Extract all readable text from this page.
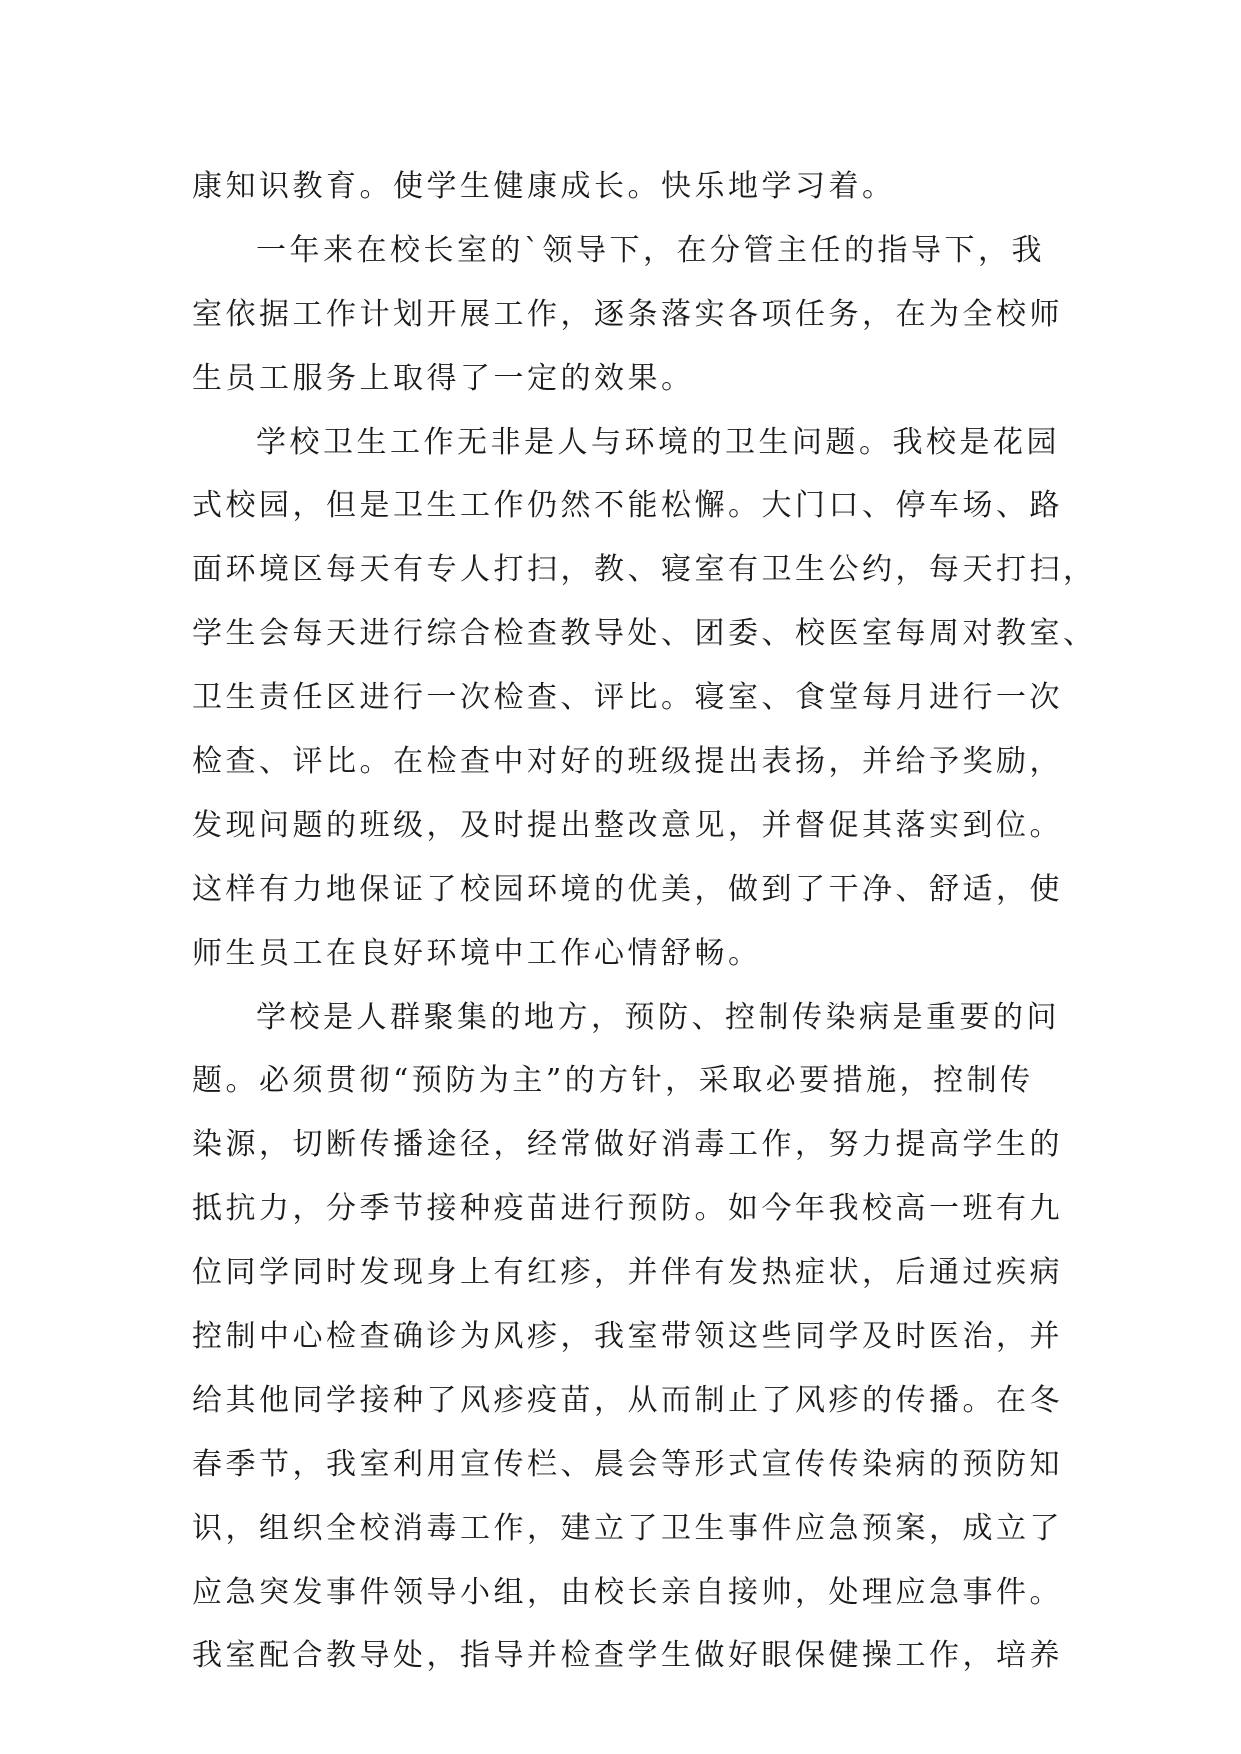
康知识教育。使学生健康成长。快乐地学习着。
一年来在校长室的`领导下，在分管主任的指导下，我
室依据工作计划开展工作，逐条落实各项任务，在为全校师
生员工服务上取得了一定的效果。
学校卫生工作无非是人与环境的卫生问题。我校是花园
式校园，但是卫生工作仍然不能松懈。大门口、停车场、路
面环境区每天有专人打扫，教、寝室有卫生公约，每天打扫，
学生会每天进行综合检查教导处、团委、校医室每周对教室、
卫生责任区进行一次检查、评比。寝室、食堂每月进行一次
检查、评比。在检查中对好的班级提出表扬，并给予奖励，
发现问题的班级，及时提出整改意见，并督促其落实到位。
这样有力地保证了校园环境的优美，做到了干净、舒适，使
师生员工在良好环境中工作心情舒畅。
学校是人群聚集的地方，预防、控制传染病是重要的问
题。必须贯彻“预防为主”的方针，采取必要措施，控制传
染源，切断传播途径，经常做好消毒工作，努力提高学生的
抵抗力，分季节接种疫苗进行预防。如今年我校高一班有九
位同学同时发现身上有红疹，并伴有发热症状，后通过疾病
控制中心检查确诊为风疹，我室带领这些同学及时医治，并
给其他同学接种了风疹疫苗，从而制止了风疹的传播。在冬
春季节，我室利用宣传栏、晨会等形式宣传传染病的预防知
识，组织全校消毒工作，建立了卫生事件应急预案，成立了
应急突发事件领导小组，由校长亲自接帅，处理应急事件。
我室配合教导处，指导并检查学生做好眼保健操工作，培养
